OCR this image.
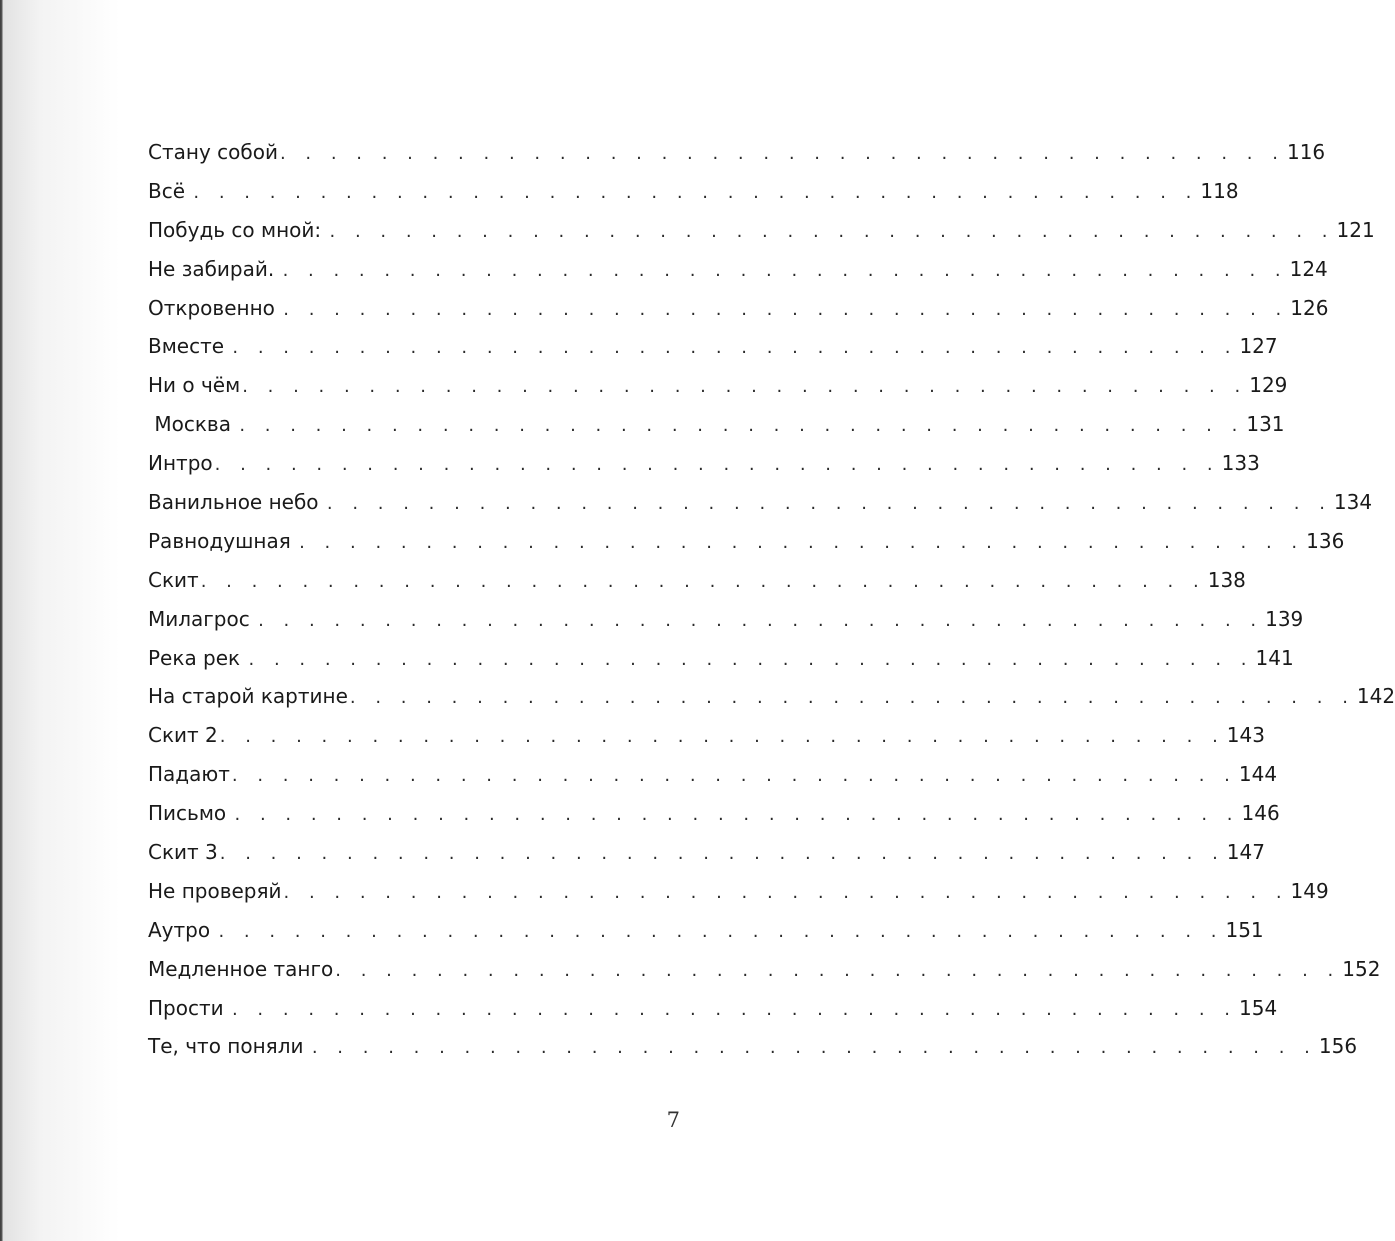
Стану собой . . . . . . . . . . . . . . . . . . . . . . . . . . . . . . . . . . . . . . . . 116
Всё . . . . . . . . . . . . . . . . . . . . . . . . . . . . . . . . . . . . . . . . 118
Побудь со мной: . . . . . . . . . . . . . . . . . . . . . . . . . . . . . . . . . . . . . . . . 121
Не забирай. . . . . . . . . . . . . . . . . . . . . . . . . . . . . . . . . . . . . . . . . 124
Откровенно . . . . . . . . . . . . . . . . . . . . . . . . . . . . . . . . . . . . . . . . 126
Вместе . . . . . . . . . . . . . . . . . . . . . . . . . . . . . . . . . . . . . . . . 127
Ни о чём . . . . . . . . . . . . . . . . . . . . . . . . . . . . . . . . . . . . . . . . 129
Москва . . . . . . . . . . . . . . . . . . . . . . . . . . . . . . . . . . . . . . . . 131
Интро . . . . . . . . . . . . . . . . . . . . . . . . . . . . . . . . . . . . . . . . 133
Ванильное небо . . . . . . . . . . . . . . . . . . . . . . . . . . . . . . . . . . . . . . . . 134
Равнодушная . . . . . . . . . . . . . . . . . . . . . . . . . . . . . . . . . . . . . . . . 136
Скит . . . . . . . . . . . . . . . . . . . . . . . . . . . . . . . . . . . . . . . . 138
Милагрос . . . . . . . . . . . . . . . . . . . . . . . . . . . . . . . . . . . . . . . . 139
Река рек . . . . . . . . . . . . . . . . . . . . . . . . . . . . . . . . . . . . . . . . 141
На старой картине . . . . . . . . . . . . . . . . . . . . . . . . . . . . . . . . . . . . . . . . 142
Скит 2 . . . . . . . . . . . . . . . . . . . . . . . . . . . . . . . . . . . . . . . . 143
Падают . . . . . . . . . . . . . . . . . . . . . . . . . . . . . . . . . . . . . . . . 144
Письмо . . . . . . . . . . . . . . . . . . . . . . . . . . . . . . . . . . . . . . . . 146
Скит 3 . . . . . . . . . . . . . . . . . . . . . . . . . . . . . . . . . . . . . . . . 147
Не проверяй . . . . . . . . . . . . . . . . . . . . . . . . . . . . . . . . . . . . . . . . 149
Аутро . . . . . . . . . . . . . . . . . . . . . . . . . . . . . . . . . . . . . . . . 151
Медленное танго . . . . . . . . . . . . . . . . . . . . . . . . . . . . . . . . . . . . . . . . 152
Прости . . . . . . . . . . . . . . . . . . . . . . . . . . . . . . . . . . . . . . . . 154
Те, что поняли . . . . . . . . . . . . . . . . . . . . . . . . . . . . . . . . . . . . . . . . 156
7
